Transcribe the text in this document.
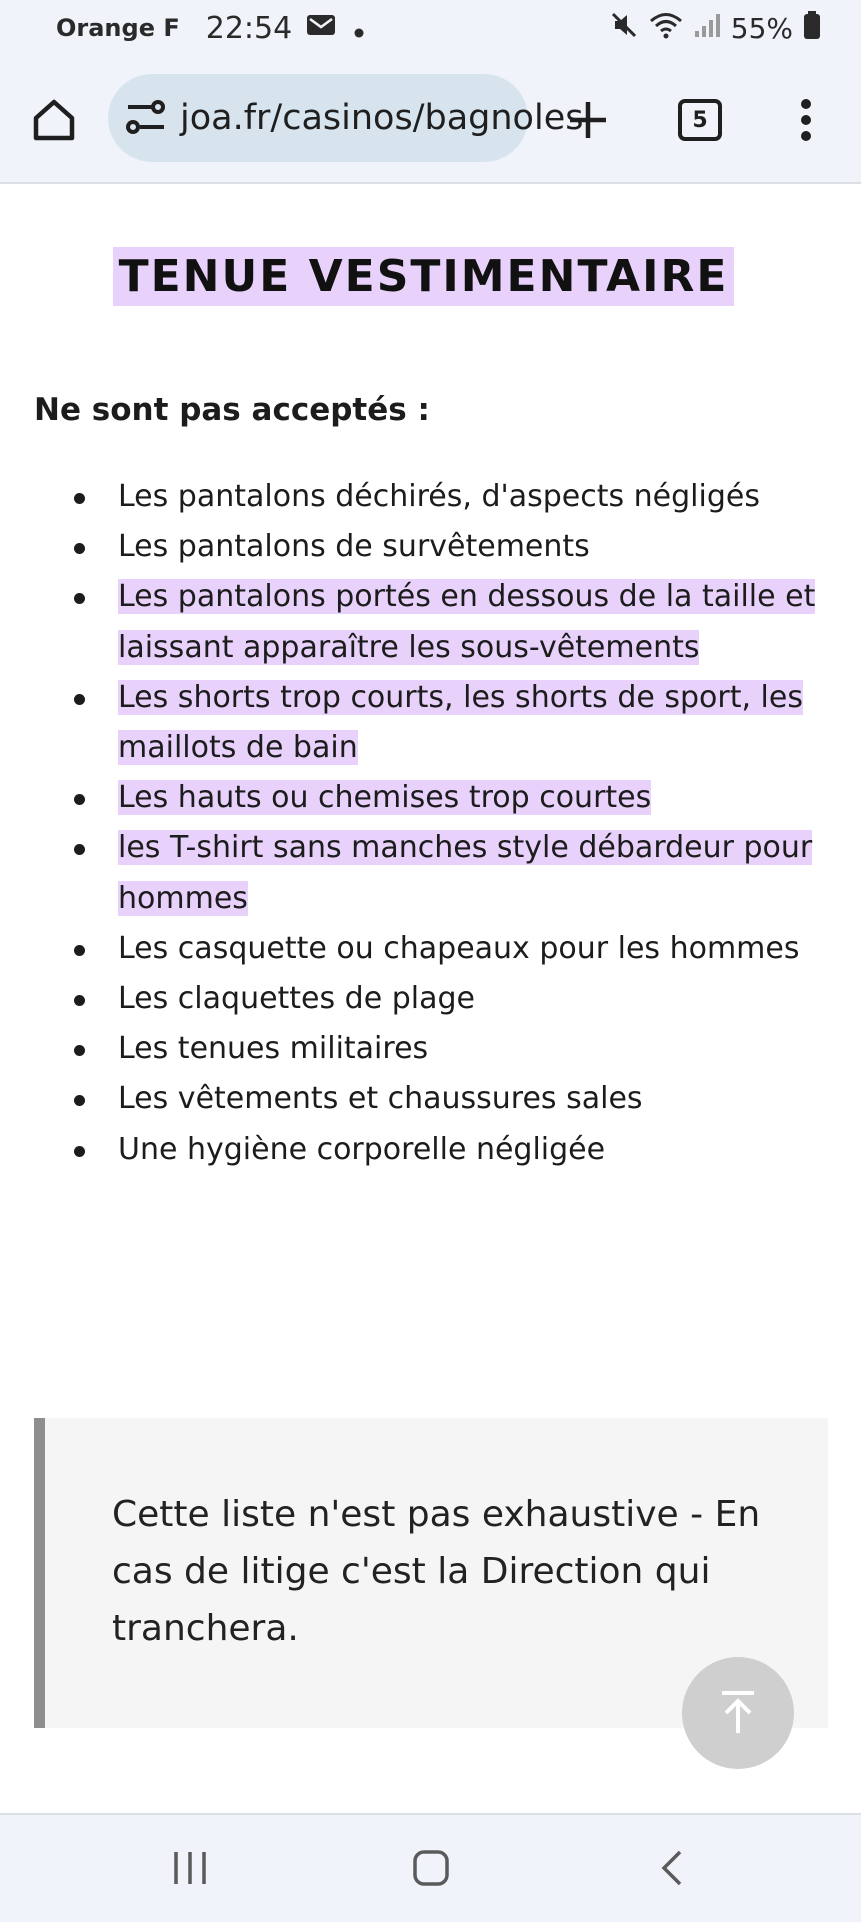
Orange F 22:54	55%
joa.fr/casinos/bagnoles	5
TENUE VESTIMENTAIRE
Ne sont pas acceptés :
Les pantalons déchirés, d'aspects négligés
Les pantalons de survêtements
Les pantalons portés en dessous de la taille et laissant apparaître les sous-vêtements
Les shorts trop courts, les shorts de sport, les maillots de bain
Les hauts ou chemises trop courtes
les T-shirt sans manches style débardeur pour hommes
Les casquette ou chapeaux pour les hommes
Les claquettes de plage
Les tenues militaires
Les vêtements et chaussures sales
Une hygiène corporelle négligée
Cette liste n'est pas exhaustive - En cas de litige c'est la Direction qui tranchera.
